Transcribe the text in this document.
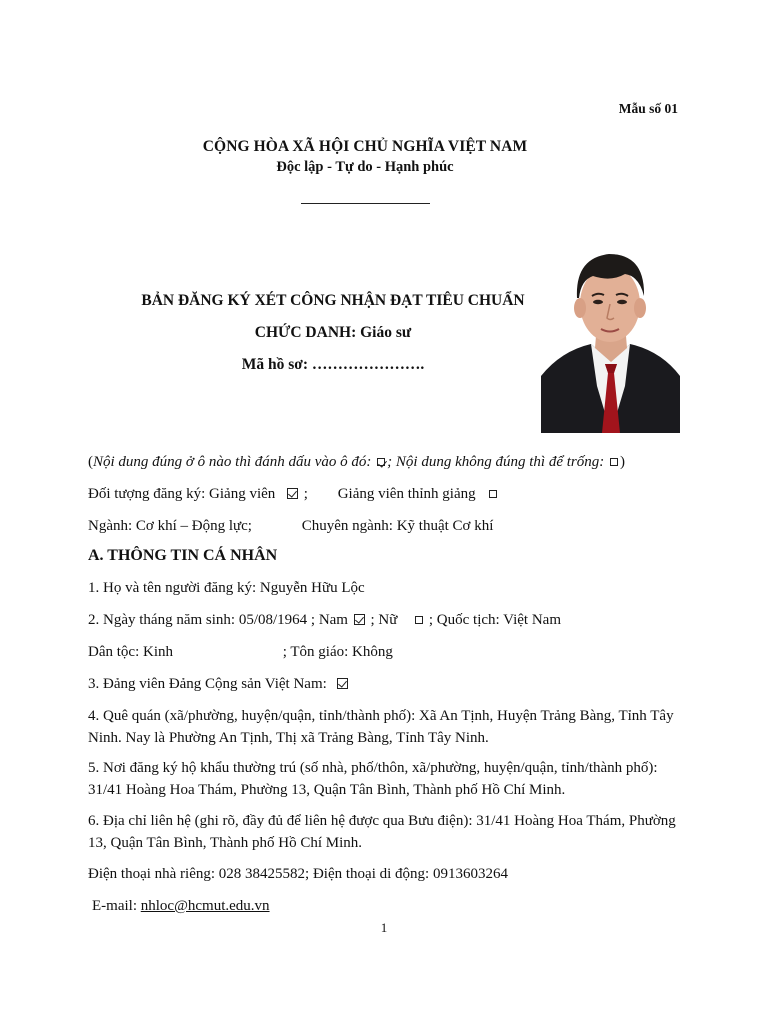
Mẫu số 01
CỘNG HÒA XÃ HỘI CHỦ NGHĨA VIỆT NAM
Độc lập - Tự do - Hạnh phúc
BẢN ĐĂNG KÝ XÉT CÔNG NHẬN ĐẠT TIÊU CHUẨN
CHỨC DANH: Giáo sư
Mã hồ sơ: ………………….
(Nội dung đúng ở ô nào thì đánh dấu vào ô đó: ; Nội dung không đúng thì để trống: )
Đối tượng đăng ký: Giảng viên ; Giảng viên thỉnh giảng
Ngành: Cơ khí – Động lực;	Chuyên ngành: Kỹ thuật Cơ khí
A. THÔNG TIN CÁ NHÂN
1. Họ và tên người đăng ký: Nguyễn Hữu Lộc
2. Ngày tháng năm sinh: 05/08/1964 ; Nam ; Nữ ; Quốc tịch: Việt Nam
Dân tộc: Kinh	; Tôn giáo: Không
3. Đảng viên Đảng Cộng sản Việt Nam:
4. Quê quán (xã/phường, huyện/quận, tỉnh/thành phố): Xã An Tịnh, Huyện Trảng Bàng, Tỉnh Tây Ninh. Nay là Phường An Tịnh, Thị xã Trảng Bàng, Tỉnh Tây Ninh.
5. Nơi đăng ký hộ khẩu thường trú (số nhà, phố/thôn, xã/phường, huyện/quận, tỉnh/thành phố): 31/41 Hoàng Hoa Thám, Phường 13, Quận Tân Bình, Thành phố Hồ Chí Minh.
6. Địa chỉ liên hệ (ghi rõ, đầy đủ để liên hệ được qua Bưu điện): 31/41 Hoàng Hoa Thám, Phường 13, Quận Tân Bình, Thành phố Hồ Chí Minh.
Điện thoại nhà riêng: 028 38425582; Điện thoại di động: 0913603264
E-mail: nhloc@hcmut.edu.vn
1
